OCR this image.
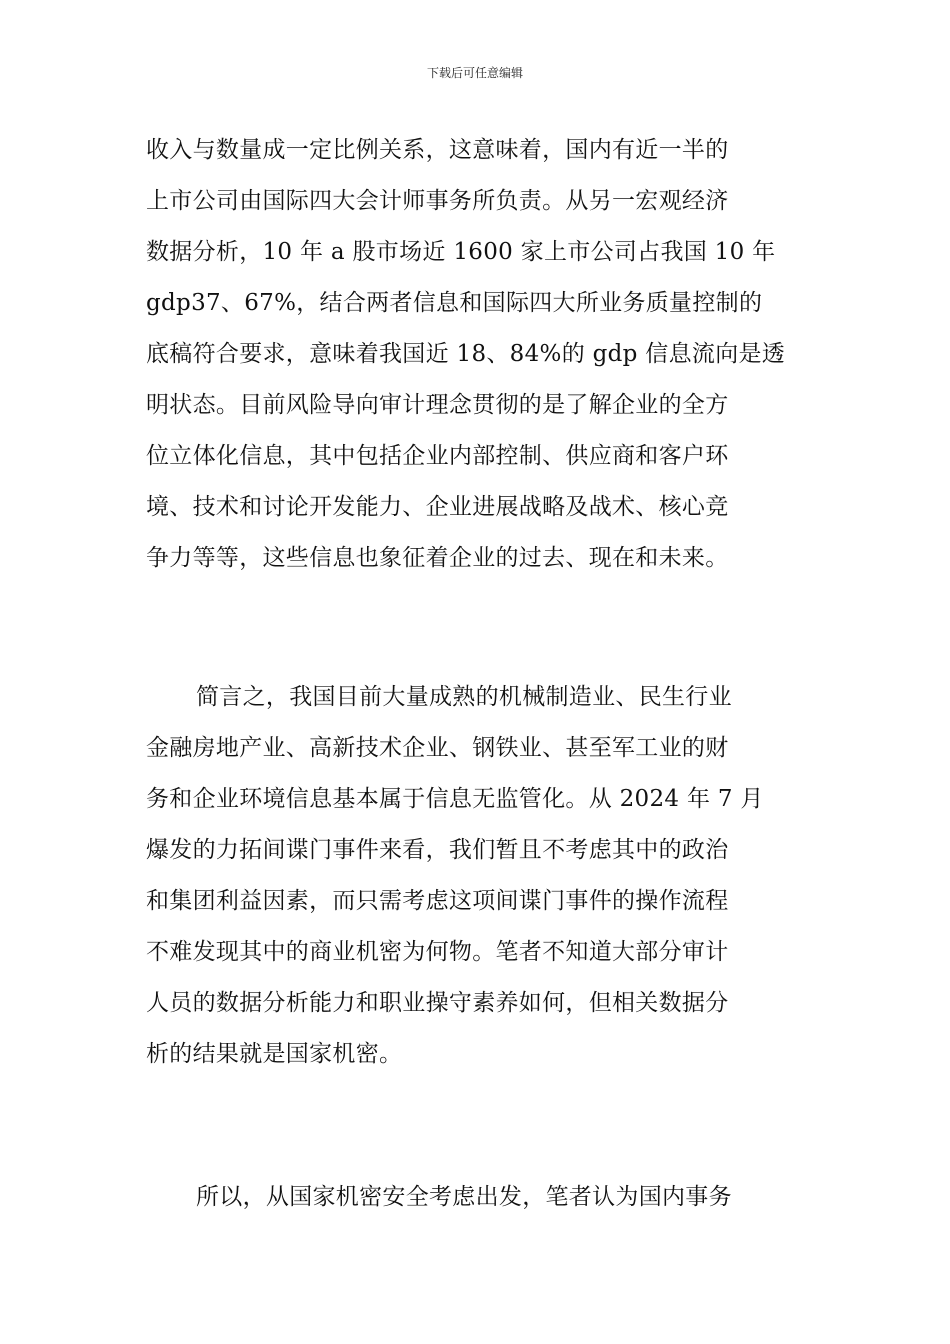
下载后可任意编辑
收入与数量成一定比例关系，这意味着，国内有近一半的
上市公司由国际四大会计师事务所负责。从另一宏观经济
数据分析，10 年 a 股市场近 1600 家上市公司占我国 10 年
gdp37、67%，结合两者信息和国际四大所业务质量控制的
底稿符合要求，意味着我国近 18、84%的 gdp 信息流向是透
明状态。目前风险导向审计理念贯彻的是了解企业的全方
位立体化信息，其中包括企业内部控制、供应商和客户环
境、技术和讨论开发能力、企业进展战略及战术、核心竞
争力等等，这些信息也象征着企业的过去、现在和未来。
简言之，我国目前大量成熟的机械制造业、民生行业
金融房地产业、高新技术企业、钢铁业、甚至军工业的财
务和企业环境信息基本属于信息无监管化。从 2024 年 7 月
爆发的力拓间谍门事件来看，我们暂且不考虑其中的政治
和集团利益因素，而只需考虑这项间谍门事件的操作流程
不难发现其中的商业机密为何物。笔者不知道大部分审计
人员的数据分析能力和职业操守素养如何，但相关数据分
析的结果就是国家机密。
所以，从国家机密安全考虑出发，笔者认为国内事务
